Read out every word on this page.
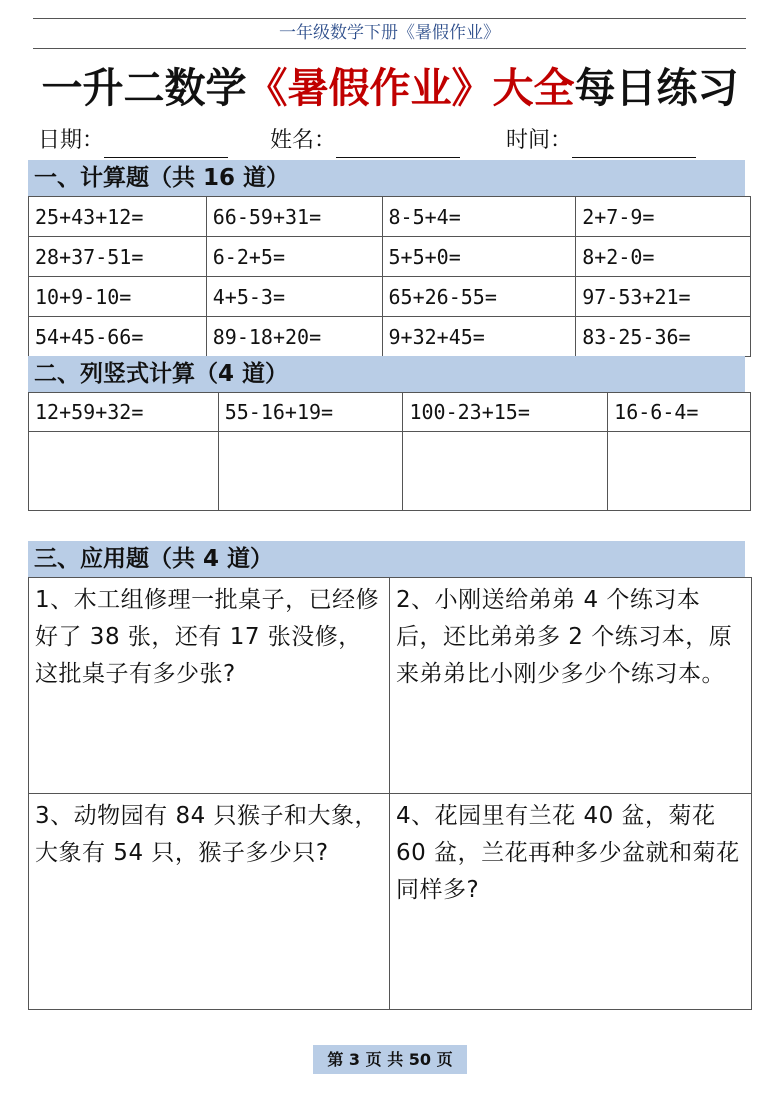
一年级数学下册《暑假作业》
一升二数学《暑假作业》大全每日练习
日期：	姓名：	时间：
一、计算题（共 16 道）
25+43+12=	66-59+31=	8-5+4=	2+7-9=
28+37-51=	6-2+5=	5+5+0=	8+2-0=
10+9-10=	4+5-3=	65+26-55=	97-53+21=
54+45-66=	89-18+20=	9+32+45=	83-25-36=
二、列竖式计算（4 道）
12+59+32=	55-16+19=	100-23+15=	16-6-4=

三、应用题（共 4 道）
1、木工组修理一批桌子，已经修好了 38 张，还有 17 张没修，这批桌子有多少张?	2、小刚送给弟弟 4 个练习本后，还比弟弟多 2 个练习本，原来弟弟比小刚少多少个练习本。
3、动物园有 84 只猴子和大象，大象有 54 只，猴子多少只?	4、花园里有兰花 40 盆，菊花 60 盆，兰花再种多少盆就和菊花同样多?
第 3 页 共 50 页
